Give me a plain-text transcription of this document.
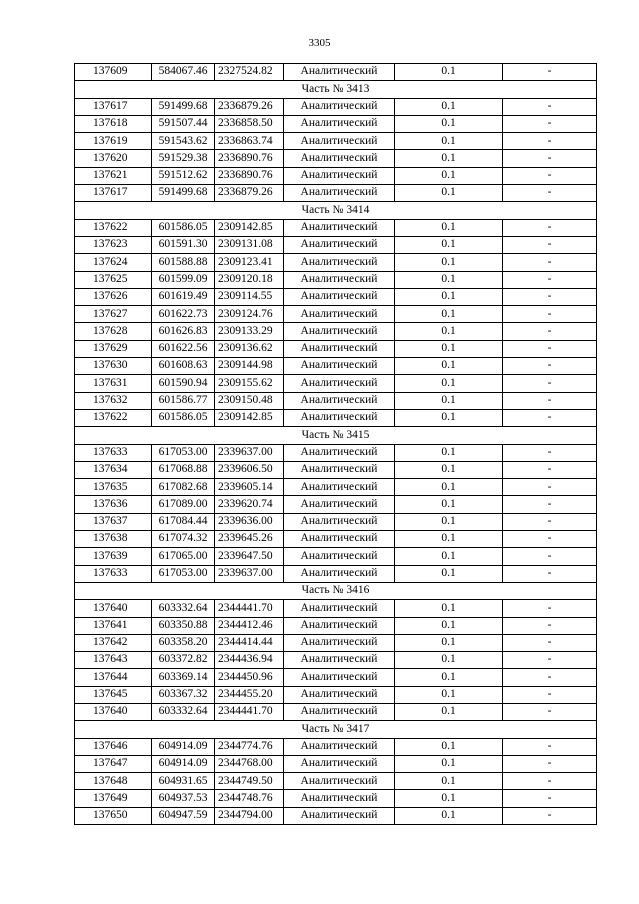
3305
137609	584067.46	2327524.82	Аналитический	0.1	-
Часть № 3413					
137617	591499.68	2336879.26	Аналитический	0.1	-
137618	591507.44	2336858.50	Аналитический	0.1	-
137619	591543.62	2336863.74	Аналитический	0.1	-
137620	591529.38	2336890.76	Аналитический	0.1	-
137621	591512.62	2336890.76	Аналитический	0.1	-
137617	591499.68	2336879.26	Аналитический	0.1	-
Часть № 3414					
137622	601586.05	2309142.85	Аналитический	0.1	-
137623	601591.30	2309131.08	Аналитический	0.1	-
137624	601588.88	2309123.41	Аналитический	0.1	-
137625	601599.09	2309120.18	Аналитический	0.1	-
137626	601619.49	2309114.55	Аналитический	0.1	-
137627	601622.73	2309124.76	Аналитический	0.1	-
137628	601626.83	2309133.29	Аналитический	0.1	-
137629	601622.56	2309136.62	Аналитический	0.1	-
137630	601608.63	2309144.98	Аналитический	0.1	-
137631	601590.94	2309155.62	Аналитический	0.1	-
137632	601586.77	2309150.48	Аналитический	0.1	-
137622	601586.05	2309142.85	Аналитический	0.1	-
Часть № 3415					
137633	617053.00	2339637.00	Аналитический	0.1	-
137634	617068.88	2339606.50	Аналитический	0.1	-
137635	617082.68	2339605.14	Аналитический	0.1	-
137636	617089.00	2339620.74	Аналитический	0.1	-
137637	617084.44	2339636.00	Аналитический	0.1	-
137638	617074.32	2339645.26	Аналитический	0.1	-
137639	617065.00	2339647.50	Аналитический	0.1	-
137633	617053.00	2339637.00	Аналитический	0.1	-
Часть № 3416					
137640	603332.64	2344441.70	Аналитический	0.1	-
137641	603350.88	2344412.46	Аналитический	0.1	-
137642	603358.20	2344414.44	Аналитический	0.1	-
137643	603372.82	2344436.94	Аналитический	0.1	-
137644	603369.14	2344450.96	Аналитический	0.1	-
137645	603367.32	2344455.20	Аналитический	0.1	-
137640	603332.64	2344441.70	Аналитический	0.1	-
Часть № 3417					
137646	604914.09	2344774.76	Аналитический	0.1	-
137647	604914.09	2344768.00	Аналитический	0.1	-
137648	604931.65	2344749.50	Аналитический	0.1	-
137649	604937.53	2344748.76	Аналитический	0.1	-
137650	604947.59	2344794.00	Аналитический	0.1	-
